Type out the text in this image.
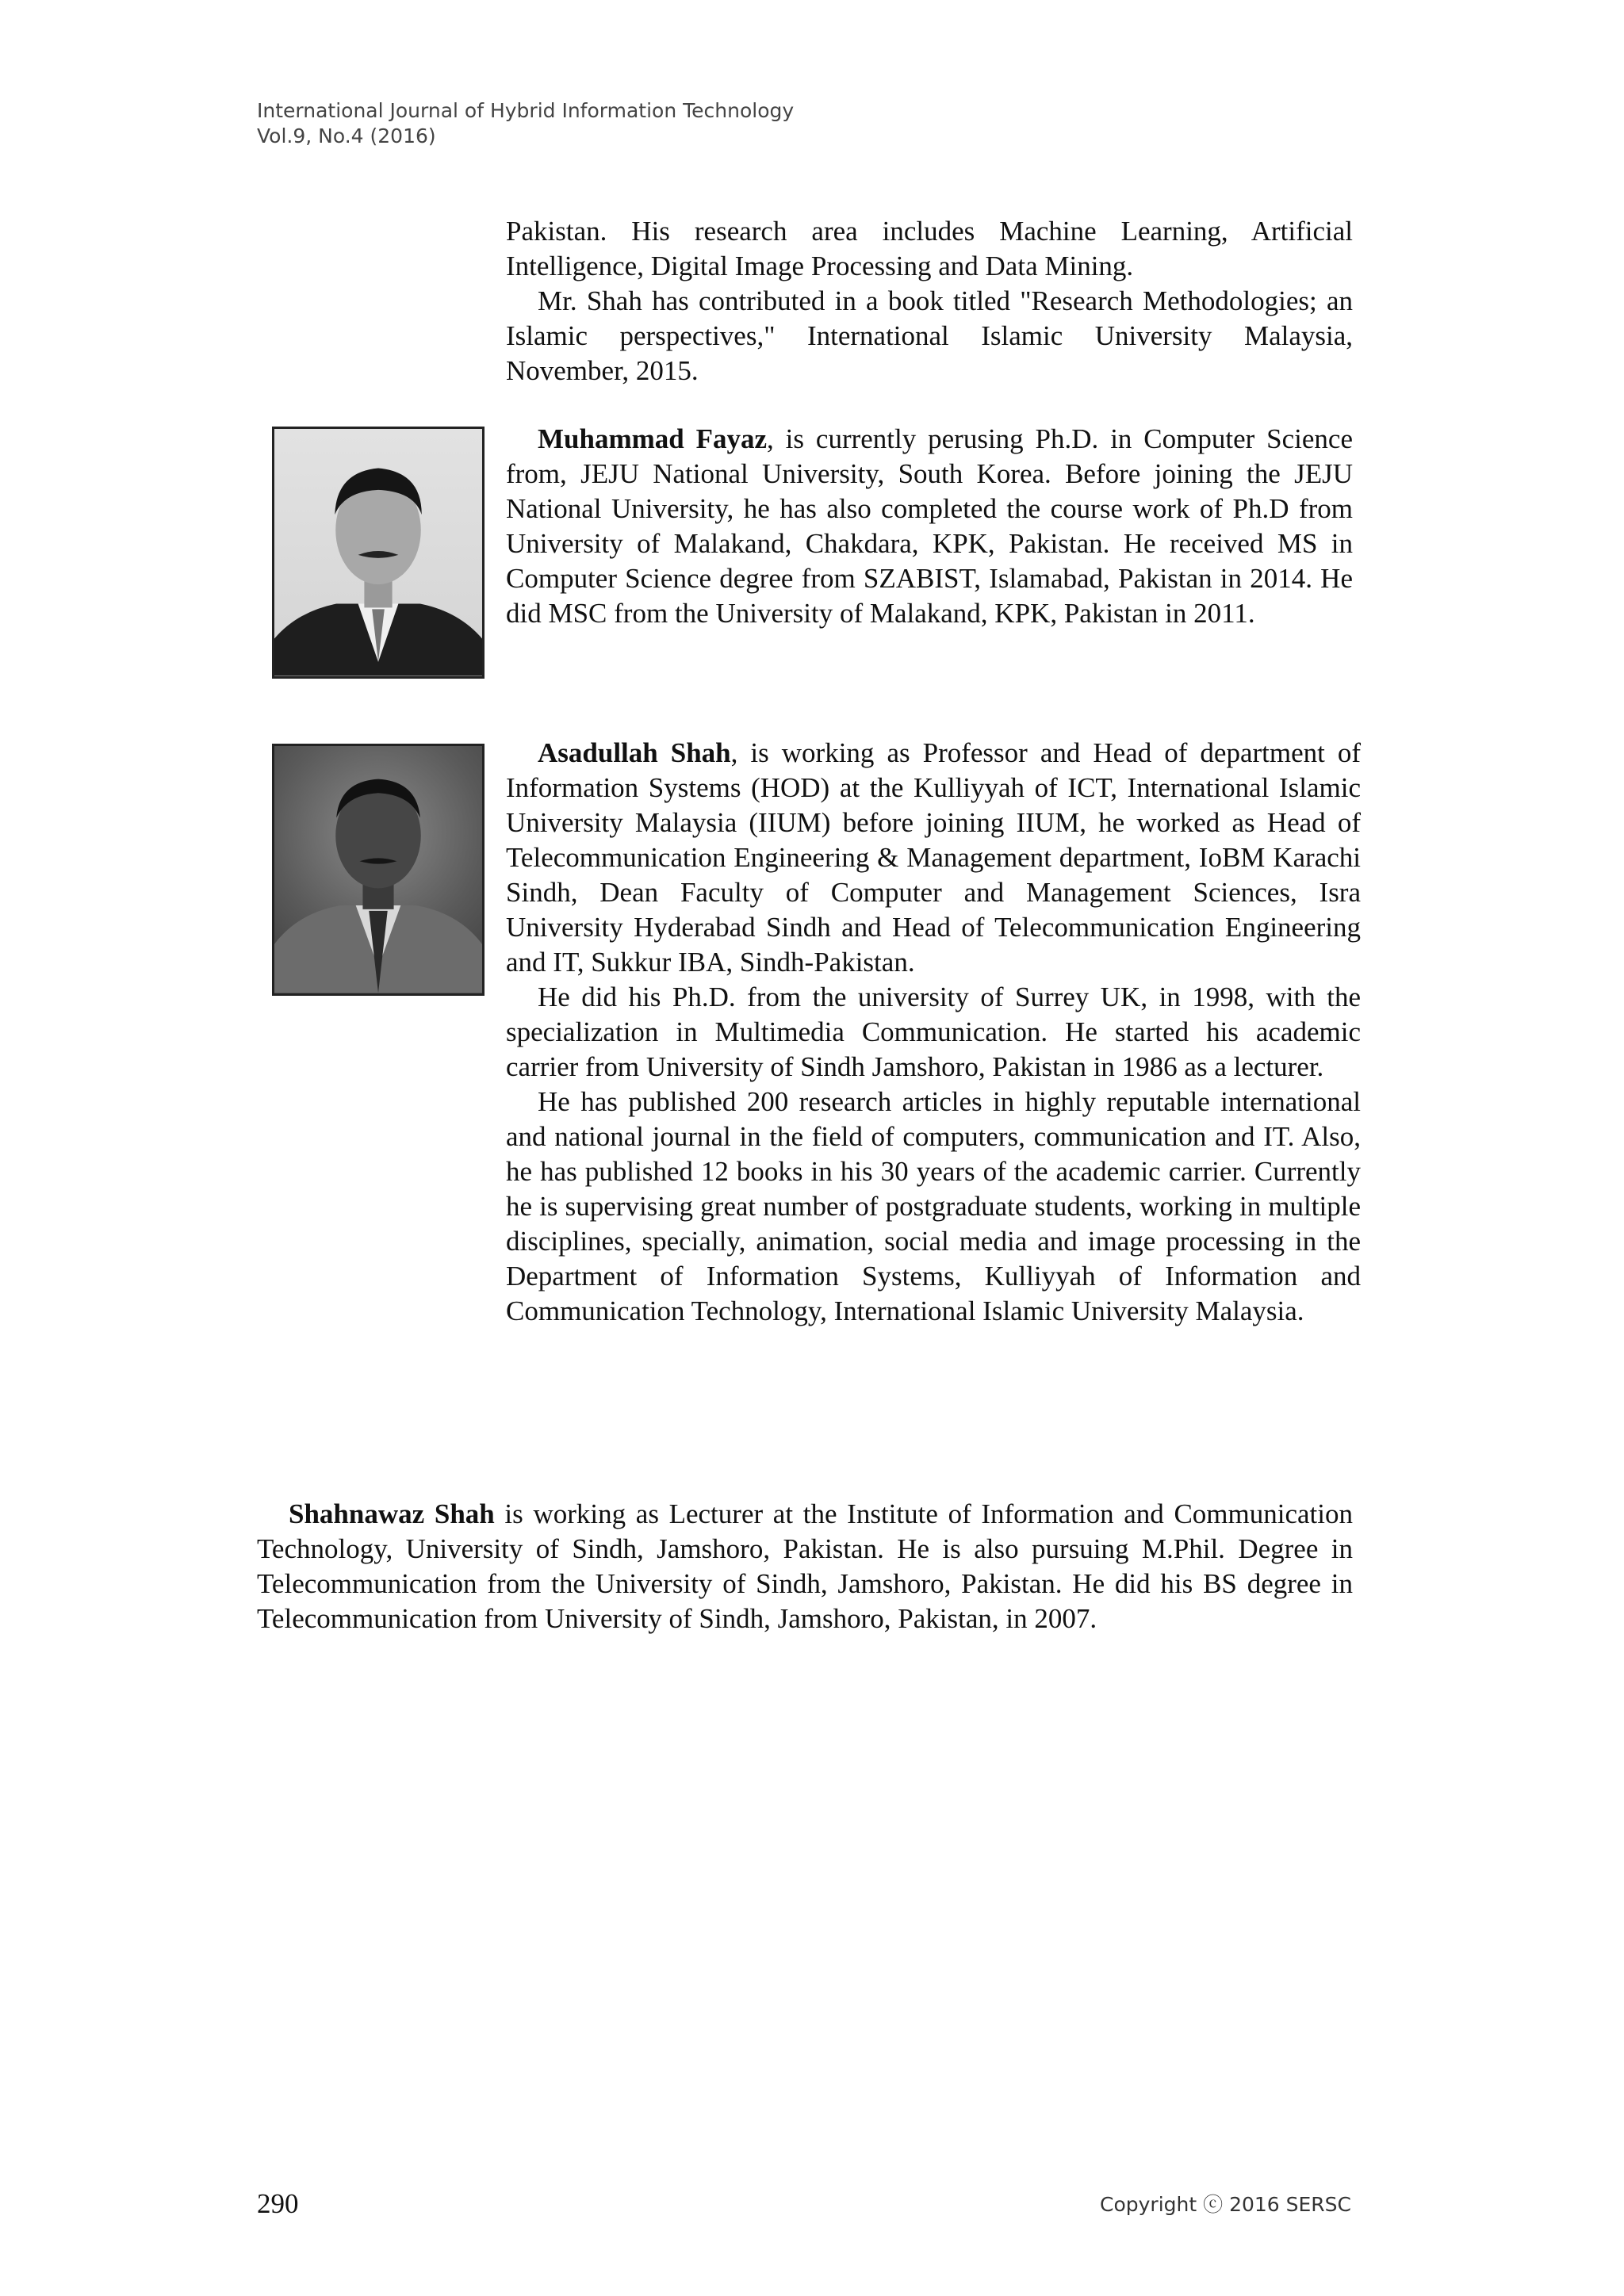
International Journal of Hybrid Information Technology
Vol.9, No.4 (2016)

Pakistan. His research area includes Machine Learning, Artificial Intelligence, Digital Image Processing and Data Mining.

Mr. Shah has contributed in a book titled "Research Methodologies; an Islamic perspectives," International Islamic University Malaysia, November, 2015.

Muhammad Fayaz, is currently perusing Ph.D. in Computer Science from, JEJU National University, South Korea. Before joining the JEJU National University, he has also completed the course work of Ph.D from University of Malakand, Chakdara, KPK, Pakistan. He received MS in Computer Science degree from SZABIST, Islamabad, Pakistan in 2014. He did MSC from the University of Malakand, KPK, Pakistan in 2011.

Asadullah Shah, is working as Professor and Head of department of Information Systems (HOD) at the Kulliyyah of ICT, International Islamic University Malaysia (IIUM) before joining IIUM, he worked as Head of Telecommunication Engineering & Management department, IoBM Karachi Sindh, Dean Faculty of Computer and Management Sciences, Isra University Hyderabad Sindh and Head of Telecommunication Engineering and IT, Sukkur IBA, Sindh-Pakistan.

He did his Ph.D. from the university of Surrey UK, in 1998, with the specialization in Multimedia Communication. He started his academic carrier from University of Sindh Jamshoro, Pakistan in 1986 as a lecturer.

He has published 200 research articles in highly reputable international and national journal in the field of computers, communication and IT. Also, he has published 12 books in his 30 years of the academic carrier. Currently he is supervising great number of postgraduate students, working in multiple disciplines, specially, animation, social media and image processing in the Department of Information Systems, Kulliyyah of Information and Communication Technology, International Islamic University Malaysia.

Shahnawaz Shah is working as Lecturer at the Institute of Information and Communication Technology, University of Sindh, Jamshoro, Pakistan. He is also pursuing M.Phil. Degree in Telecommunication from the University of Sindh, Jamshoro, Pakistan. He did his BS degree in Telecommunication from University of Sindh, Jamshoro, Pakistan, in 2007.

290	Copyright ⓒ 2016 SERSC
